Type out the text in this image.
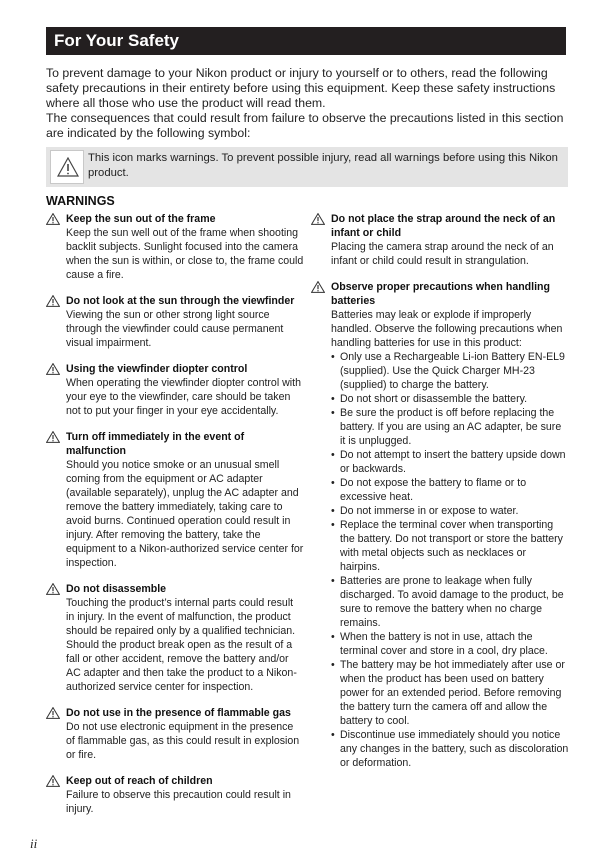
For Your Safety

To prevent damage to your Nikon product or injury to yourself or to others, read the following safety precautions in their entirety before using this equipment. Keep these safety instructions where all those who use the product will read them.

The consequences that could result from failure to observe the precautions listed in this section are indicated by the following symbol:

This icon marks warnings. To prevent possible injury, read all warnings before using this Nikon product.
WARNINGS
Keep the sun out of the frame

Keep the sun well out of the frame when shooting backlit subjects. Sunlight focused into the camera when the sun is within, or close to, the frame could cause a fire.

Do not look at the sun through the viewfinder

Viewing the sun or other strong light source through the viewfinder could cause permanent visual impairment.

Using the viewfinder diopter control

When operating the viewfinder diopter control with your eye to the viewfinder, care should be taken not to put your finger in your eye accidentally.

Turn off immediately in the event of malfunction

Should you notice smoke or an unusual smell coming from the equipment or AC adapter (available separately), unplug the AC adapter and remove the battery immediately, taking care to avoid burns. Continued operation could result in injury. After removing the battery, take the equipment to a Nikon-authorized service center for inspection.

Do not disassemble

Touching the product’s internal parts could result in injury. In the event of malfunction, the product should be repaired only by a qualified technician. Should the product break open as the result of a fall or other accident, remove the battery and/or AC adapter and then take the product to a Nikon-authorized service center for inspection.

Do not use in the presence of flammable gas

Do not use electronic equipment in the presence of flammable gas, as this could result in explosion or fire.

Keep out of reach of children

Failure to observe this precaution could result in injury.

Do not place the strap around the neck of an infant or child

Placing the camera strap around the neck of an infant or child could result in strangulation.

Observe proper precautions when handling batteries

Batteries may leak or explode if improperly handled. Observe the following precautions when handling batteries for use in this product:

• Only use a Rechargeable Li-ion Battery EN-EL9 (supplied). Use the Quick Charger MH-23 (supplied) to charge the battery.
• Do not short or disassemble the battery.
• Be sure the product is off before replacing the battery. If you are using an AC adapter, be sure it is unplugged.
• Do not attempt to insert the battery upside down or backwards.
• Do not expose the battery to flame or to excessive heat.
• Do not immerse in or expose to water.
• Replace the terminal cover when transporting the battery. Do not transport or store the battery with metal objects such as necklaces or hairpins.
• Batteries are prone to leakage when fully discharged. To avoid damage to the product, be sure to remove the battery when no charge remains.
• When the battery is not in use, attach the terminal cover and store in a cool, dry place.
• The battery may be hot immediately after use or when the product has been used on battery power for an extended period. Before removing the battery turn the camera off and allow the battery to cool.
• Discontinue use immediately should you notice any changes in the battery, such as discoloration or deformation.
ii
